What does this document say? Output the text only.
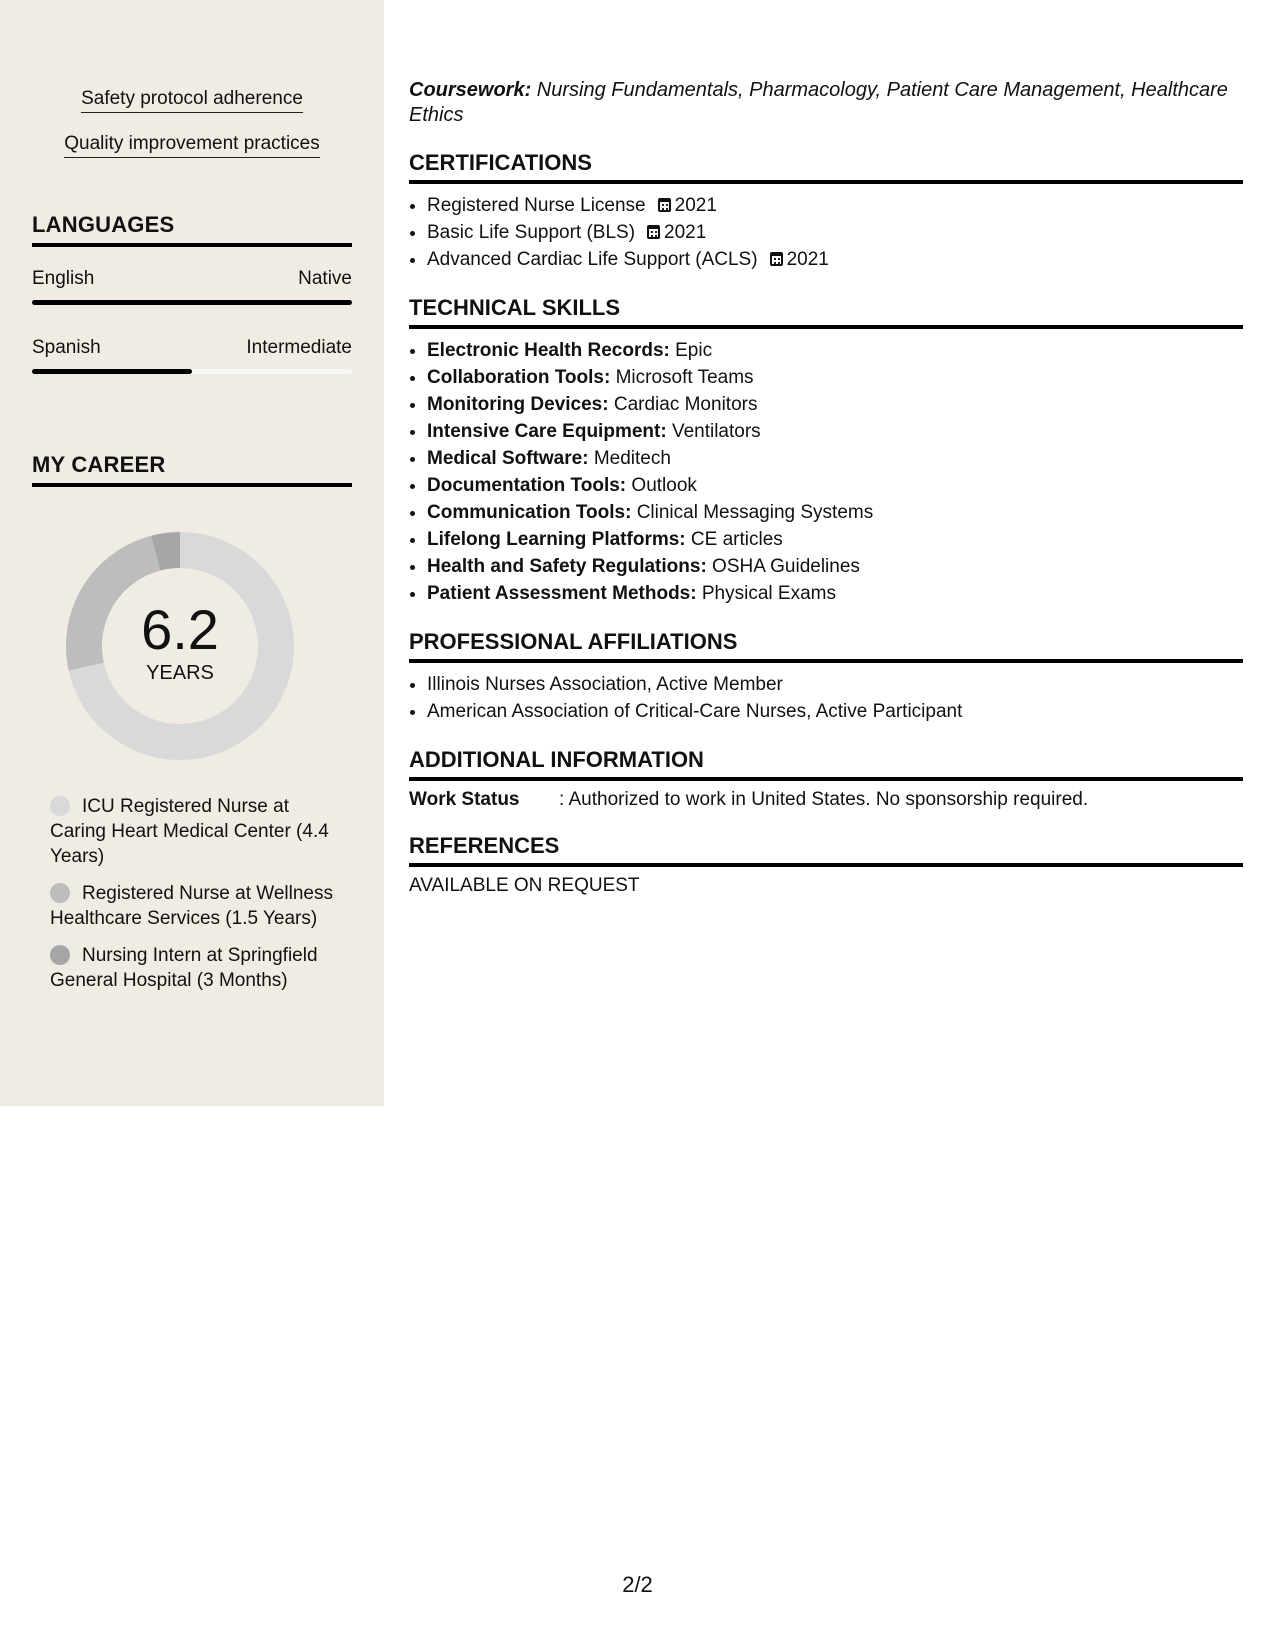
Safety protocol adherence
Quality improvement practices
LANGUAGES
English	Native
Spanish	Intermediate
MY CAREER
6.2
YEARS
ICU Registered Nurse at Caring Heart Medical Center (4.4 Years)
Registered Nurse at Wellness Healthcare Services (1.5 Years)
Nursing Intern at Springfield General Hospital (3 Months)
Coursework: Nursing Fundamentals, Pharmacology, Patient Care Management, Healthcare Ethics
CERTIFICATIONS
• Registered Nurse License 2021
• Basic Life Support (BLS) 2021
• Advanced Cardiac Life Support (ACLS) 2021
TECHNICAL SKILLS
• Electronic Health Records: Epic
• Collaboration Tools: Microsoft Teams
• Monitoring Devices: Cardiac Monitors
• Intensive Care Equipment: Ventilators
• Medical Software: Meditech
• Documentation Tools: Outlook
• Communication Tools: Clinical Messaging Systems
• Lifelong Learning Platforms: CE articles
• Health and Safety Regulations: OSHA Guidelines
• Patient Assessment Methods: Physical Exams
PROFESSIONAL AFFILIATIONS
• Illinois Nurses Association, Active Member
• American Association of Critical-Care Nurses, Active Participant
ADDITIONAL INFORMATION
Work Status	: Authorized to work in United States. No sponsorship required.
REFERENCES
AVAILABLE ON REQUEST
2/2
